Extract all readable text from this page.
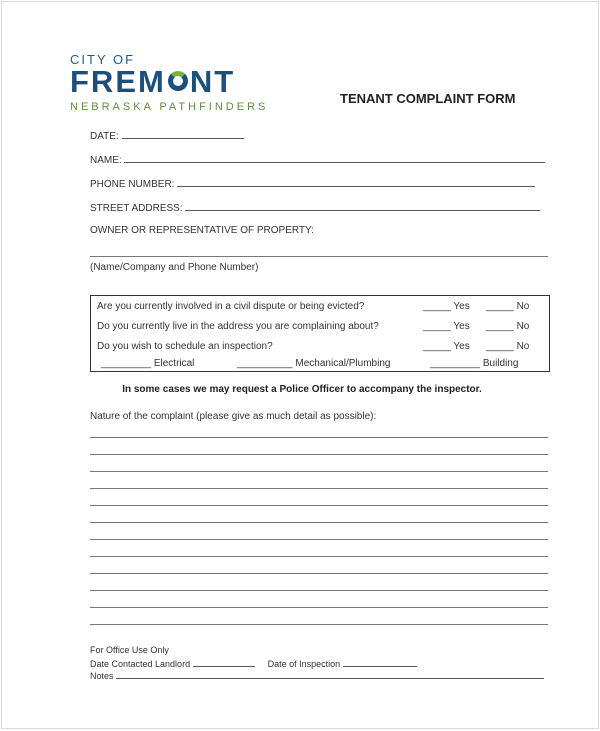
CITY OF
FREM NT
NEBRASKA PATHFINDERS
TENANT COMPLAINT FORM
DATE:
NAME:
PHONE NUMBER:
STREET ADDRESS:
OWNER OR REPRESENTATIVE OF PROPERTY:
(Name/Company and Phone Number)
Are you currently involved in a civil dispute or being evicted?	_____ Yes _____ No
Do you currently live in the address you are complaining about?	_____ Yes _____ No
Do you wish to schedule an inspection?	_____ Yes _____ No
_________ Electrical	__________ Mechanical/Plumbing	_________ Building
In some cases we may request a Police Officer to accompany the inspector.
Nature of the complaint (please give as much detail as possible):
For Office Use Only
Date Contacted Landlord	Date of Inspection
Notes
